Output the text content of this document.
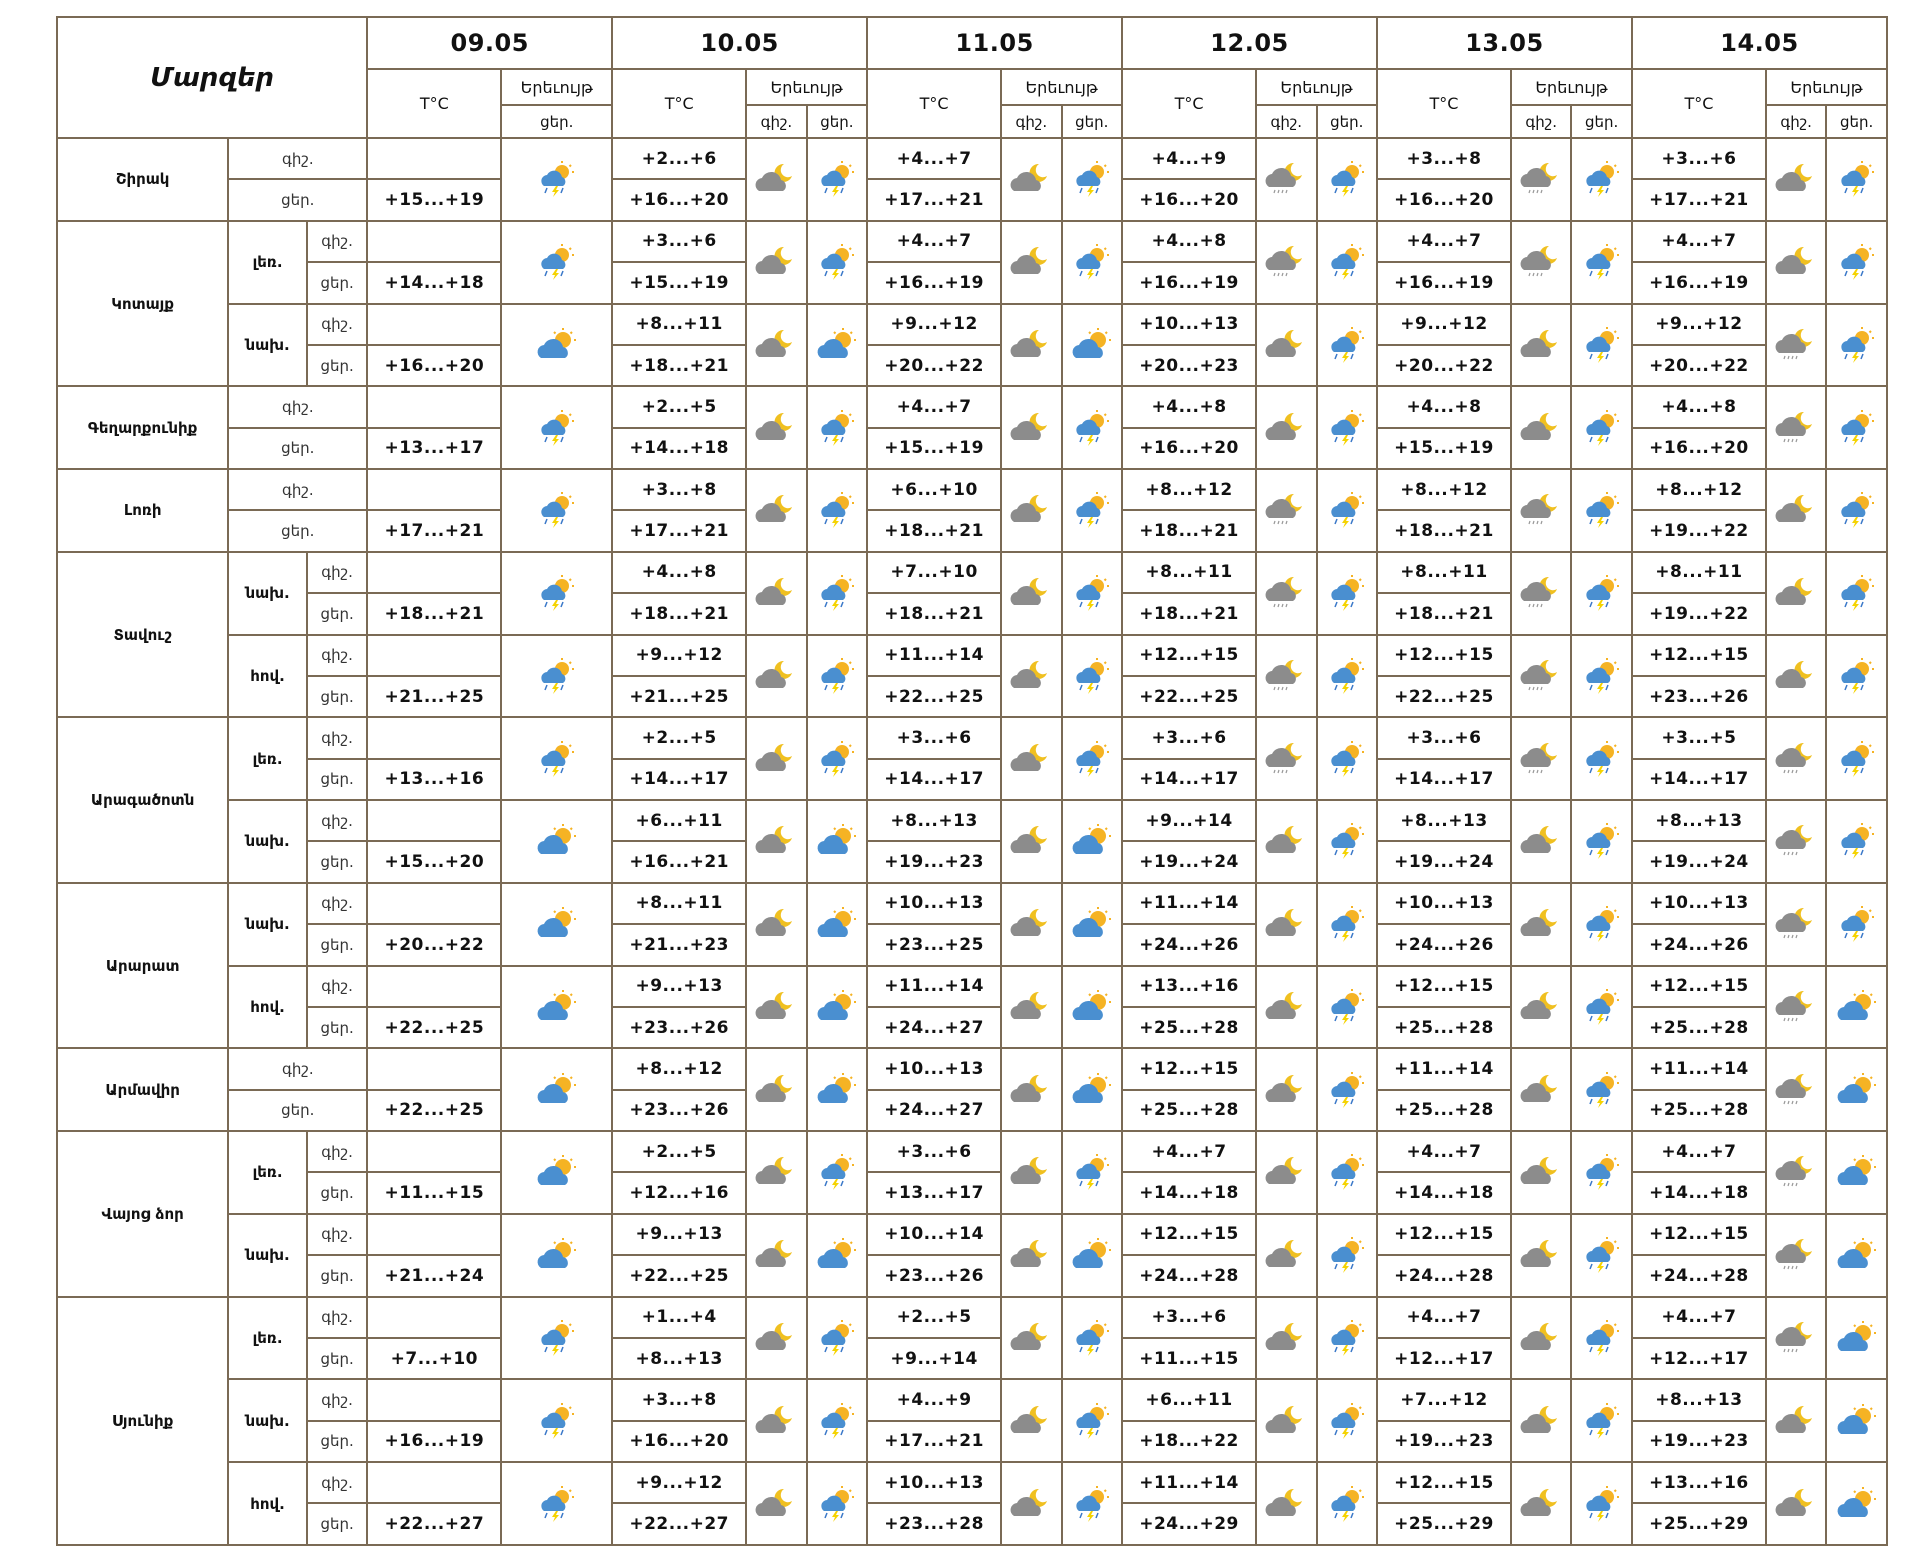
Մարզեր			09.05		10.05			11.05			12.05			13.05			14.05		
			T°C	Երեւույթ	T°C	Երեւույթ		T°C	Երեւույթ		T°C	Երեւույթ		T°C	Երեւույթ		T°C	Երեւույթ	
				ցեր.		գիշ.	ցեր.		գիշ.	ցեր.		գիշ.	ցեր.		գիշ.	ցեր.		գիշ.	ցեր.
Շիրակ	գիշ.				+2...+6			+4...+7			+4...+9			+3...+8			+3...+6		
	ցեր.		+15...+19		+16...+20			+17...+21			+16...+20			+16...+20			+17...+21		
Կոտայք	լեռ.	գիշ.			+3...+6			+4...+7			+4...+8			+4...+7			+4...+7		
		ցեր.	+14...+18		+15...+19			+16...+19			+16...+19			+16...+19			+16...+19		
	նախ.	գիշ.			+8...+11			+9...+12			+10...+13			+9...+12			+9...+12		
		ցեր.	+16...+20		+18...+21			+20...+22			+20...+23			+20...+22			+20...+22		
Գեղարքունիք	գիշ.				+2...+5			+4...+7			+4...+8			+4...+8			+4...+8		
	ցեր.		+13...+17		+14...+18			+15...+19			+16...+20			+15...+19			+16...+20		
Լոռի	գիշ.				+3...+8			+6...+10			+8...+12			+8...+12			+8...+12		
	ցեր.		+17...+21		+17...+21			+18...+21			+18...+21			+18...+21			+19...+22		
Տավուշ	նախ.	գիշ.			+4...+8			+7...+10			+8...+11			+8...+11			+8...+11		
		ցեր.	+18...+21		+18...+21			+18...+21			+18...+21			+18...+21			+19...+22		
	հով.	գիշ.			+9...+12			+11...+14			+12...+15			+12...+15			+12...+15		
		ցեր.	+21...+25		+21...+25			+22...+25			+22...+25			+22...+25			+23...+26		
Արագածոտն	լեռ.	գիշ.			+2...+5			+3...+6			+3...+6			+3...+6			+3...+5		
		ցեր.	+13...+16		+14...+17			+14...+17			+14...+17			+14...+17			+14...+17		
	նախ.	գիշ.			+6...+11			+8...+13			+9...+14			+8...+13			+8...+13		
		ցեր.	+15...+20		+16...+21			+19...+23			+19...+24			+19...+24			+19...+24		
Արարատ	նախ.	գիշ.			+8...+11			+10...+13			+11...+14			+10...+13			+10...+13		
		ցեր.	+20...+22		+21...+23			+23...+25			+24...+26			+24...+26			+24...+26		
	հով.	գիշ.			+9...+13			+11...+14			+13...+16			+12...+15			+12...+15		
		ցեր.	+22...+25		+23...+26			+24...+27			+25...+28			+25...+28			+25...+28		
Արմավիր	գիշ.				+8...+12			+10...+13			+12...+15			+11...+14			+11...+14		
	ցեր.		+22...+25		+23...+26			+24...+27			+25...+28			+25...+28			+25...+28		
Վայոց ձոր	լեռ.	գիշ.			+2...+5			+3...+6			+4...+7			+4...+7			+4...+7		
		ցեր.	+11...+15		+12...+16			+13...+17			+14...+18			+14...+18			+14...+18		
	նախ.	գիշ.			+9...+13			+10...+14			+12...+15			+12...+15			+12...+15		
		ցեր.	+21...+24		+22...+25			+23...+26			+24...+28			+24...+28			+24...+28		
Սյունիք	լեռ.	գիշ.			+1...+4			+2...+5			+3...+6			+4...+7			+4...+7		
		ցեր.	+7...+10		+8...+13			+9...+14			+11...+15			+12...+17			+12...+17		
	նախ.	գիշ.			+3...+8			+4...+9			+6...+11			+7...+12			+8...+13		
		ցեր.	+16...+19		+16...+20			+17...+21			+18...+22			+19...+23			+19...+23		
	հով.	գիշ.			+9...+12			+10...+13			+11...+14			+12...+15			+13...+16		
		ցեր.	+22...+27		+22...+27			+23...+28			+24...+29			+25...+29			+25...+29		
